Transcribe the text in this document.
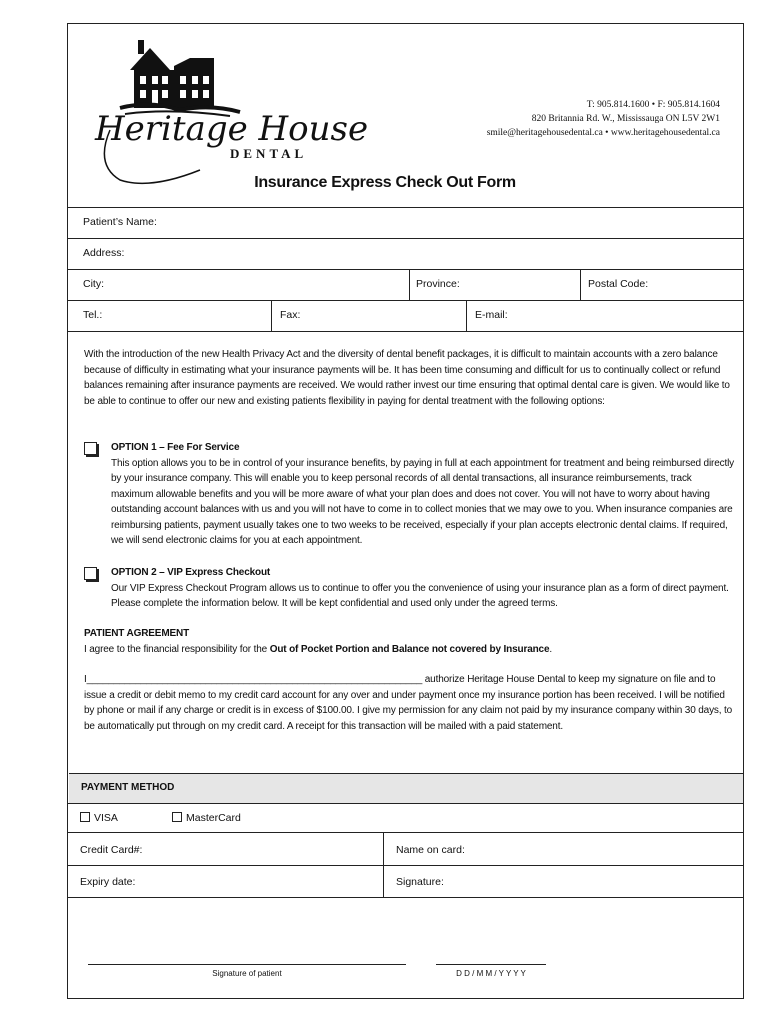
Heritage House
DENTAL
T: 905.814.1600 • F: 905.814.1604
820 Britannia Rd. W., Mississauga ON L5V 2W1
smile@heritagehousedental.ca • www.heritagehousedental.ca
Insurance Express Check Out Form
Patient’s Name:
Address:
City:	Province:	Postal Code:
Tel.:	Fax:	E-mail:
With the introduction of the new Health Privacy Act and the diversity of dental benefit packages, it is difficult to maintain accounts with a zero balance because of difficulty in estimating what your insurance payments will be. It has been time consuming and difficult for us to continually collect or refund balances remaining after insurance payments are received. We would rather invest our time ensuring that optimal dental care is given. We would like to be able to continue to offer our new and existing patients flexibility in paying for dental treatment with the following options:
OPTION 1 – Fee For Service
This option allows you to be in control of your insurance benefits, by paying in full at each appointment for treatment and being reimbursed directly by your insurance company. This will enable you to keep personal records of all dental transactions, all insurance reimbursements, track maximum allowable benefits and you will be more aware of what your plan does and does not cover. You will not have to worry about having outstanding account balances with us and you will not have to come in to collect monies that we may owe to you. When insurance companies are reimbursing patients, payment usually takes one to two weeks to be received, especially if your plan accepts electronic dental claims. If required, we will send electronic claims for you at each appointment.
OPTION 2 – VIP Express Checkout
Our VIP Express Checkout Program allows us to continue to offer you the convenience of using your insurance plan as a form of direct payment. Please complete the information below. It will be kept confidential and used only under the agreed terms.
PATIENT AGREEMENT
I agree to the financial responsibility for the Out of Pocket Portion and Balance not covered by Insurance.
I______________________________________________________________ authorize Heritage House Dental to keep my signature on file and to issue a credit or debit memo to my credit card account for any over and under payment once my insurance portion has been received. I will be notified by phone or mail if any charge or credit is in excess of $100.00. I give my permission for any claim not paid by my insurance company within 30 days, to be automatically put through on my credit card. A receipt for this transaction will be mailed with a paid statement.
PAYMENT METHOD
VISA	MasterCard
Credit Card#:	Name on card:
Expiry date:	Signature:
Signature of patient	D D / M M / Y Y Y Y
